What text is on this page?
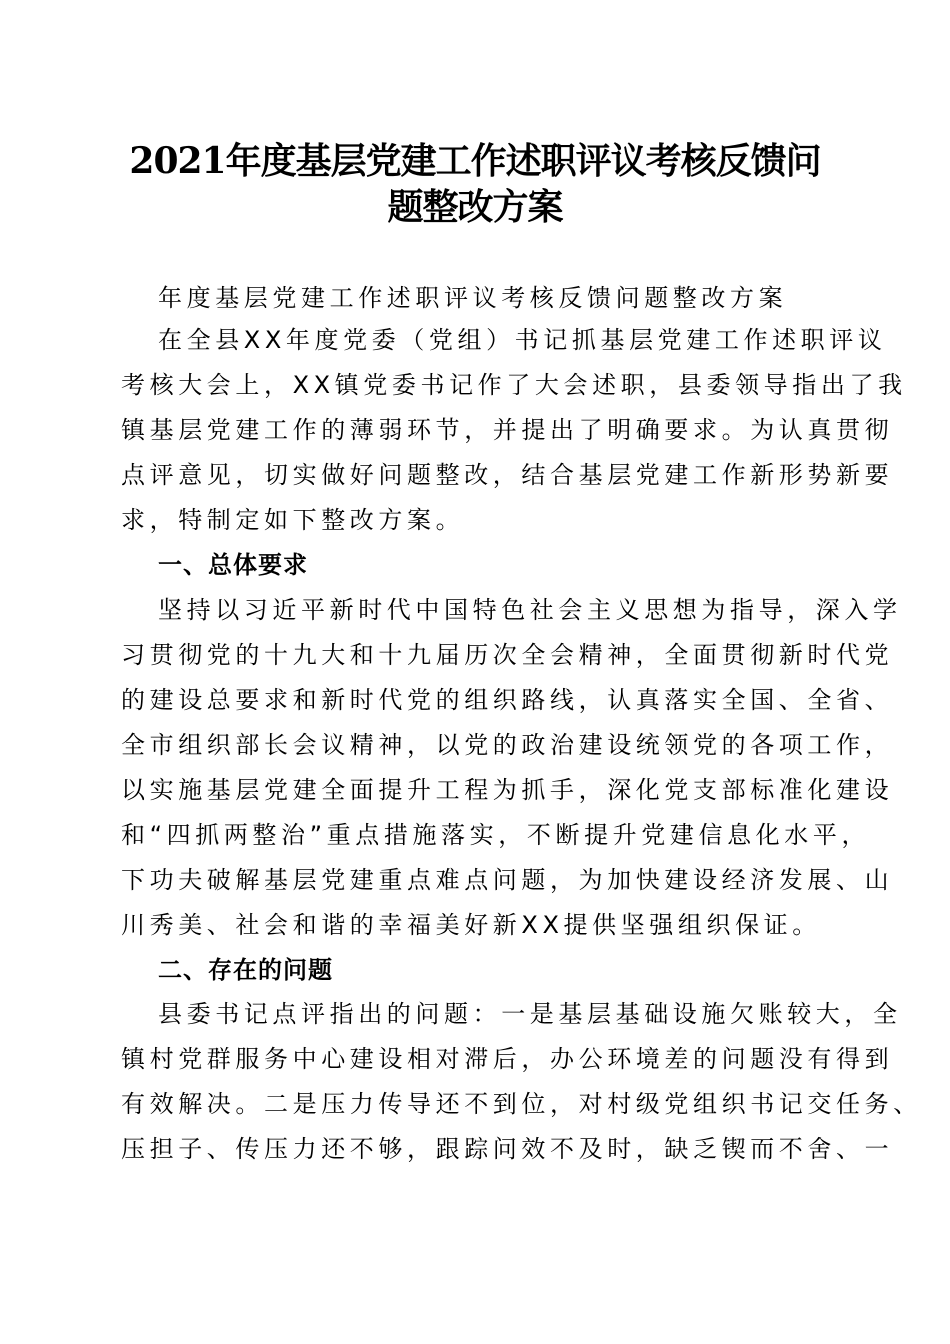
2021年度基层党建工作述职评议考核反馈问
题整改方案
年度基层党建工作述职评议考核反馈问题整改方案
在全县XX年度党委（党组）书记抓基层党建工作述职评议
考核大会上，XX镇党委书记作了大会述职，县委领导指出了我
镇基层党建工作的薄弱环节，并提出了明确要求。为认真贯彻
点评意见，切实做好问题整改，结合基层党建工作新形势新要
求，特制定如下整改方案。
一、总体要求
坚持以习近平新时代中国特色社会主义思想为指导，深入学
习贯彻党的十九大和十九届历次全会精神，全面贯彻新时代党
的建设总要求和新时代党的组织路线，认真落实全国、全省、
全市组织部长会议精神，以党的政治建设统领党的各项工作，
以实施基层党建全面提升工程为抓手，深化党支部标准化建设
和“四抓两整治”重点措施落实，不断提升党建信息化水平，
下功夫破解基层党建重点难点问题，为加快建设经济发展、山
川秀美、社会和谐的幸福美好新XX提供坚强组织保证。
二、存在的问题
县委书记点评指出的问题：一是基层基础设施欠账较大，全
镇村党群服务中心建设相对滞后，办公环境差的问题没有得到
有效解决。二是压力传导还不到位，对村级党组织书记交任务、
压担子、传压力还不够，跟踪问效不及时，缺乏锲而不舍、一
